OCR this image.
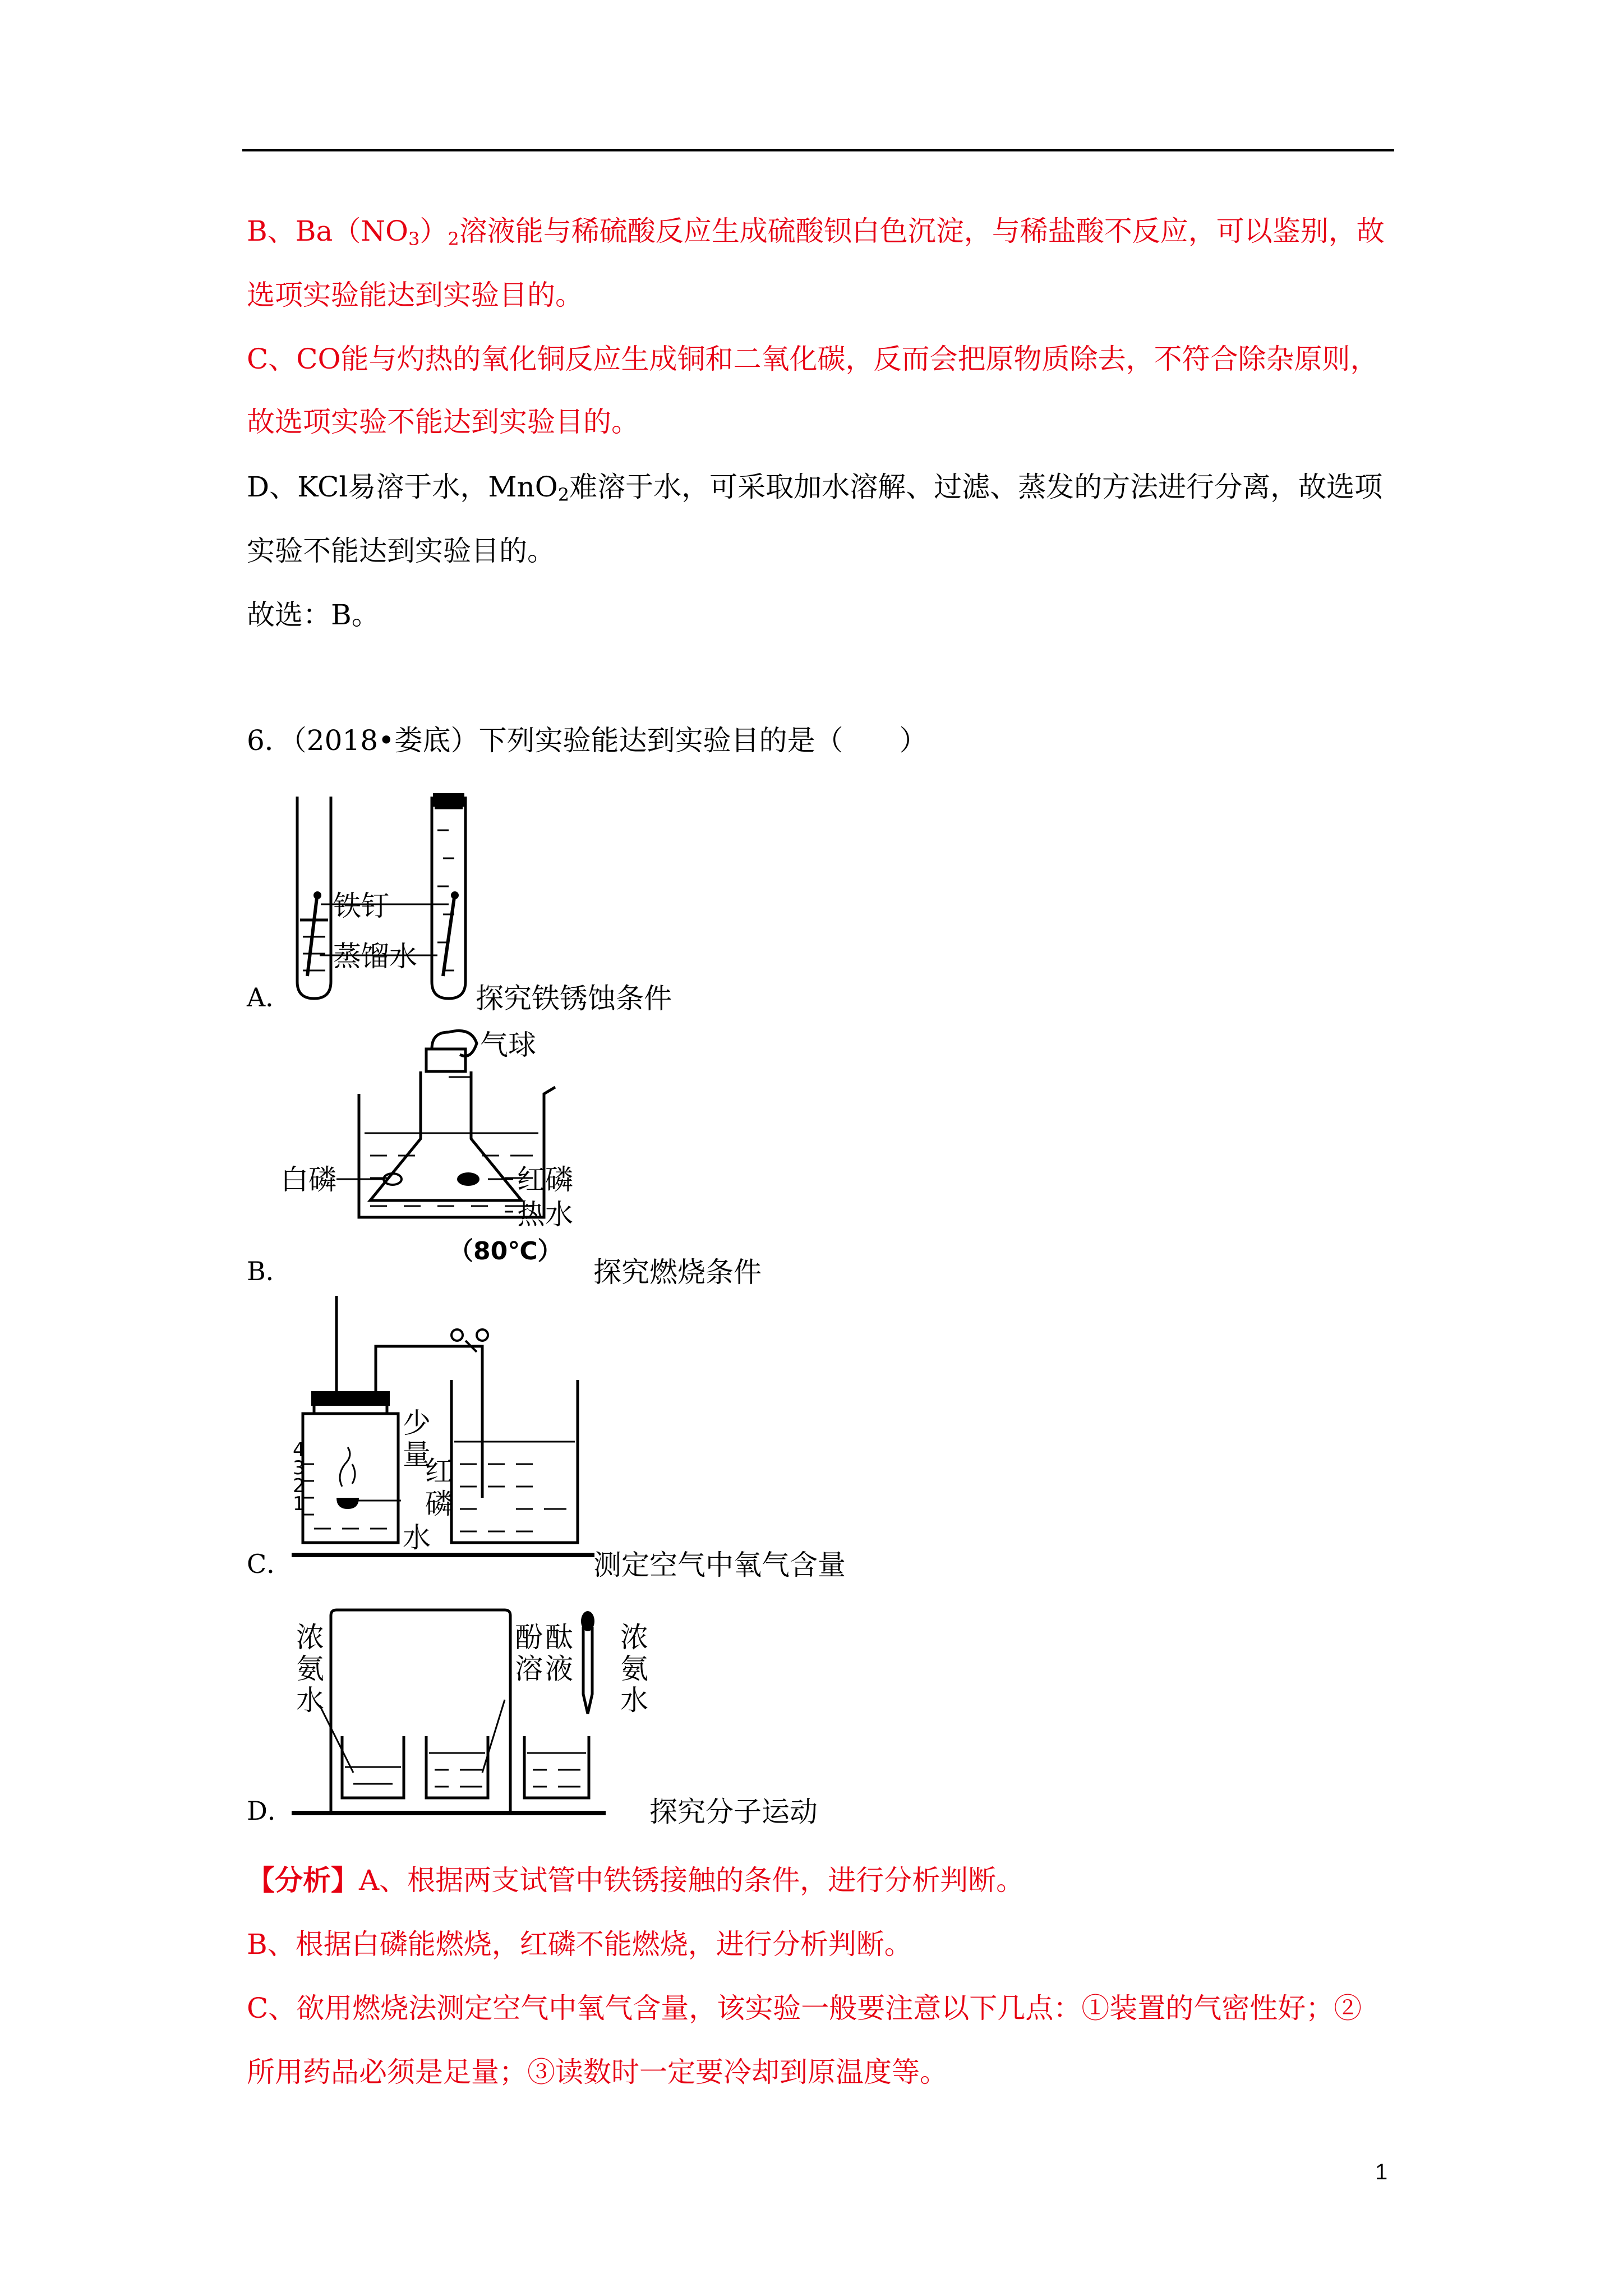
B、$Ba(NO_3)_2$溶液能与稀硫酸反应生成硫酸钡白色沉淀，与稀盐酸不反应，可以鉴别，故
选项实验能达到实验目的。
C、CO能与灼热的氧化铜反应生成铜和二氧化碳，反而会把原物质除去，不符合除杂原则，
故选项实验不能达到实验目的。
D、KCl易溶于水，MnO$_2$难溶于水，可采取加水溶解、过滤、蒸发的方法进行分离，故选项
实验不能达到实验目的。
故选：B。
6．（2018•娄底）下列实验能达到实验目的是（　　）
铁钉
蒸馏水
A．	探究铁锈蚀条件
气球
白磷	红磷
热水
（80℃）
B．	探究燃烧条件
4
3
2
1
少
量
红
磷
水
C．	测定空气中氧气含量
浓
氨
水
酚 酞
溶 液
浓
氨
水
D．	探究分子运动
【分析】A、根据两支试管中铁锈接触的条件，进行分析判断。
B、根据白磷能燃烧，红磷不能燃烧，进行分析判断。
C、欲用燃烧法测定空气中氧气含量，该实验一般要注意以下几点：①装置的气密性好；②
所用药品必须是足量；③读数时一定要冷却到原温度等。
1
